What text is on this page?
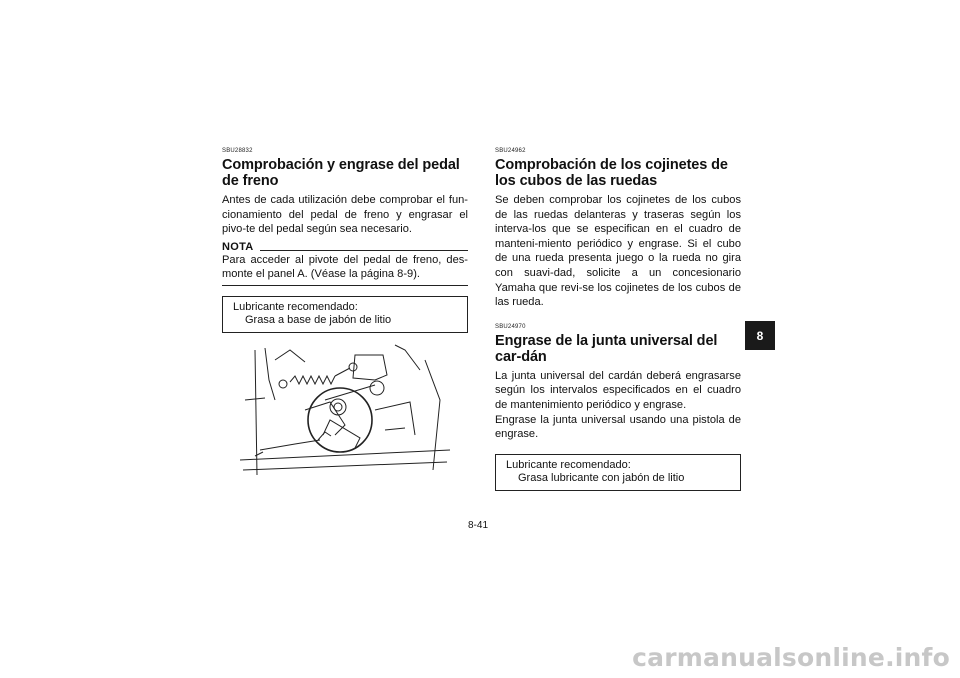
SBU28832
Comprobación y engrase del pedal de freno

Antes de cada utilización debe comprobar el fun-cionamiento del pedal de freno y engrasar el pivo-te del pedal según sea necesario.

NOTA

Para acceder al pivote del pedal de freno, des-monte el panel A. (Véase la página 8-9).

Lubricante recomendado:
Grasa a base de jabón de litio
SBU24962
Comprobación de los cojinetes de los cubos de las ruedas

Se deben comprobar los cojinetes de los cubos de las ruedas delanteras y traseras según los interva-los que se especifican en el cuadro de manteni-miento periódico y engrase. Si el cubo de una rueda presenta juego o la rueda no gira con suavi-dad, solicite a un concesionario Yamaha que revi-se los cojinetes de los cubos de las rueda.

SBU24970
Engrase de la junta universal del car-dán

La junta universal del cardán deberá engrasarse según los intervalos especificados en el cuadro de mantenimiento periódico y engrase.

Engrase la junta universal usando una pistola de engrase.

Lubricante recomendado:
Grasa lubricante con jabón de litio
8-41
8
carmanualsonline.info
